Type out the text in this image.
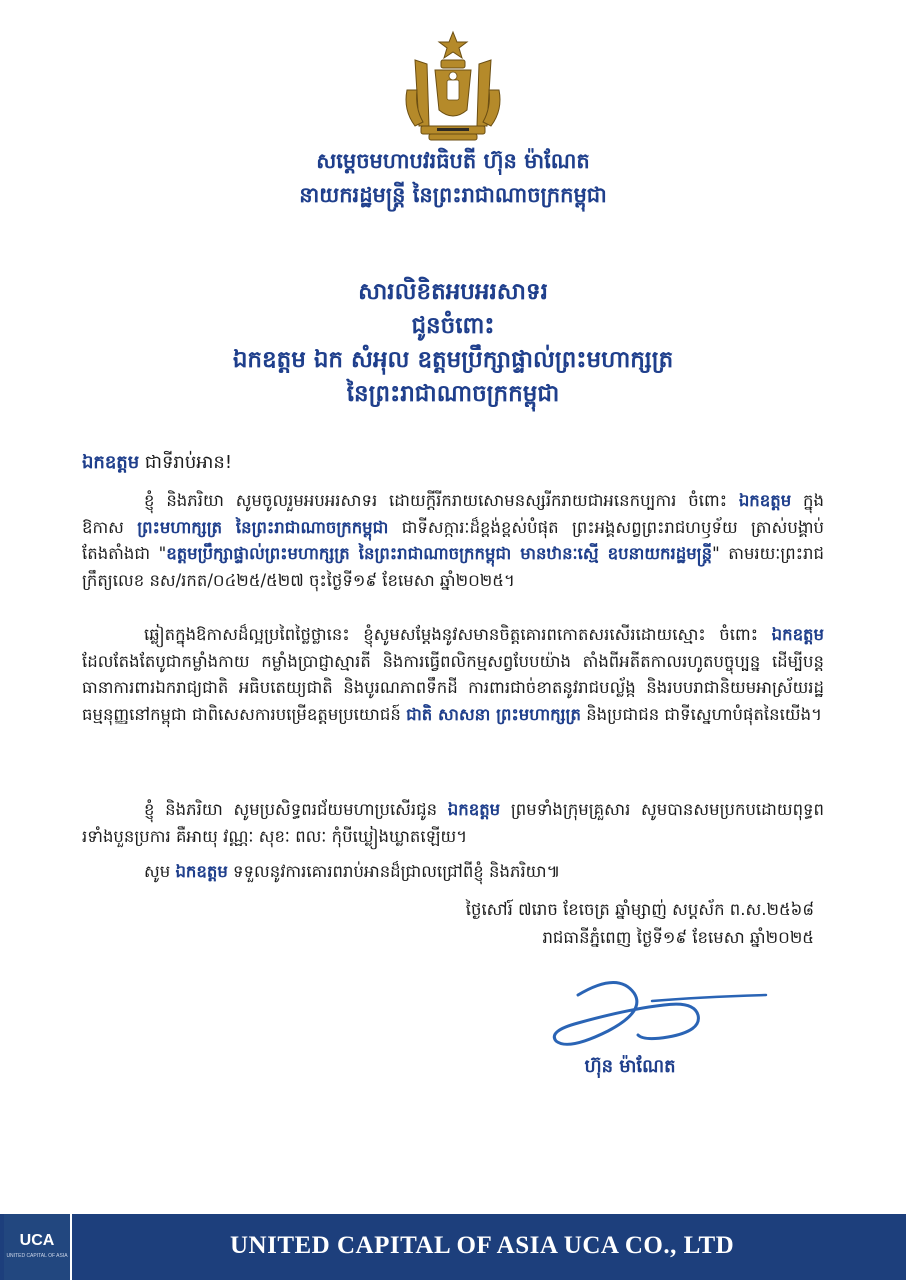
សម្តេចមហាបវរធិបតី ហ៊ុន ម៉ាណែត
នាយករដ្ឋមន្ត្រី នៃព្រះរាជាណាចក្រកម្ពុជា
សារលិខិតអបអរសាទរ
ជូនចំពោះ
ឯកឧត្តម ឯក សំអុល ឧត្តមប្រឹក្សាផ្ទាល់ព្រះមហាក្សត្រ
នៃព្រះរាជាណាចក្រកម្ពុជា
ឯកឧត្តម ជាទីរាប់អាន!
ខ្ញុំ និងភរិយា សូមចូលរួមអបអរសាទរ ដោយក្តីរីករាយសោមនស្សរីករាយជាអនេកប្បការ ចំពោះ ឯកឧត្តម ក្នុងឱកាស ព្រះមហាក្សត្រ នៃព្រះរាជាណាចក្រកម្ពុជា ជាទីសក្ការៈដ៏ខ្ពង់ខ្ពស់បំផុត ព្រះអង្គសព្វព្រះរាជហឫទ័យ ត្រាស់បង្គាប់តែងតាំងជា "ឧត្តមប្រឹក្សាផ្ទាល់ព្រះមហាក្សត្រ នៃព្រះរាជាណាចក្រកម្ពុជា មានឋានៈស្មើ ឧបនាយករដ្ឋមន្ត្រី" តាមរយៈព្រះរាជក្រឹត្យលេខ នស/រកត/០៤២៥/៥២៧ ចុះថ្ងៃទី១៩ ខែមេសា ឆ្នាំ២០២៥។
ឆ្លៀតក្នុងឱកាសដ៏ល្អប្រពៃថ្លៃថ្លានេះ ខ្ញុំសូមសម្តែងនូវសមានចិត្តគោរពកោតសរសើរដោយស្មោះ ចំពោះ ឯកឧត្តម ដែលតែងតែបូជាកម្លាំងកាយ កម្លាំងប្រាជ្ញាស្មារតី និងការធ្វើពលិកម្មសព្វបែបយ៉ាង តាំងពីអតីតកាលរហូតបច្ចុប្បន្ន ដើម្បីបន្តធានាការពារឯករាជ្យជាតិ អធិបតេយ្យជាតិ និងបូរណភាពទឹកដី ការពារជាច់ខាតនូវរាជបល្ល័ង្ក និងរបបរាជានិយមអាស្រ័យរដ្ឋធម្មនុញ្ញនៅកម្ពុជា ជាពិសេសការបម្រើឧត្តមប្រយោជន៍ ជាតិ សាសនា ព្រះមហាក្សត្រ និងប្រជាជន ជាទីស្នេហាបំផុតនៃយើង។
ខ្ញុំ និងភរិយា សូមប្រសិទ្ធពរជ័យមហាប្រសើរជូន ឯកឧត្តម ព្រមទាំងក្រុមគ្រួសារ សូមបានសមប្រកបដោយពុទ្ធពរទាំងបួនប្រការ គឺអាយុ វណ្ណៈ សុខៈ ពលៈ កុំបីឃ្លៀងឃ្លាតឡើយ។
សូម ឯកឧត្តម ទទួលនូវការគោរពរាប់អានដ៏ជ្រាលជ្រៅពីខ្ញុំ និងភរិយា៕
ថ្ងៃសៅរ៍ ៧រោច ខែចេត្រ ឆ្នាំម្សាញ់ សប្តស័ក ព.ស.២៥៦៨
រាជធានីភ្នំពេញ ថ្ងៃទី១៩ ខែមេសា ឆ្នាំ២០២៥
ហ៊ុន ម៉ាណែត
UCA
UNITED CAPITAL OF ASIA	UNITED CAPITAL OF ASIA UCA CO., LTD
